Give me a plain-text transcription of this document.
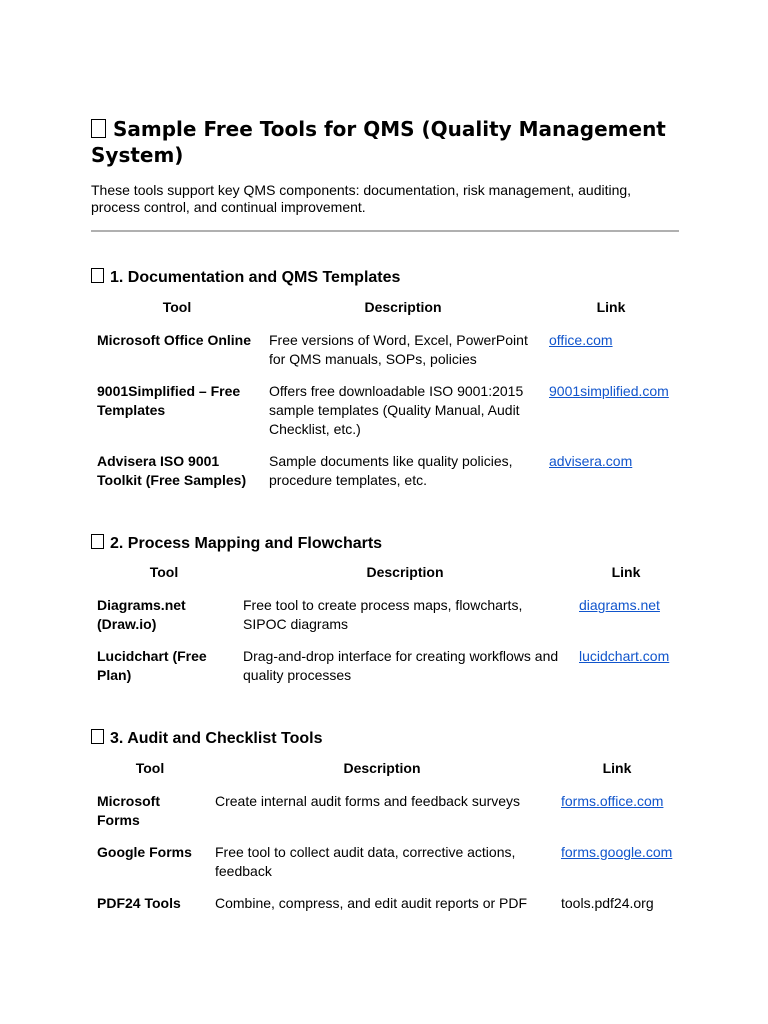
Sample Free Tools for QMS (Quality Management System)

These tools support key QMS components: documentation, risk management, auditing, process control, and continual improvement.

1. Documentation and QMS Templates
Tool	Description	Link

Microsoft Office Online	Free versions of Word, Excel, PowerPoint for QMS manuals, SOPs, policies	office.com

9001Simplified – Free Templates	Offers free downloadable ISO 9001:2015 sample templates (Quality Manual, Audit Checklist, etc.)	9001simplified.com

Advisera ISO 9001 Toolkit (Free Samples)	Sample documents like quality policies, procedure templates, etc.	advisera.com
2. Process Mapping and Flowcharts
Tool	Description	Link

Diagrams.net (Draw.io)	Free tool to create process maps, flowcharts, SIPOC diagrams	diagrams.net

Lucidchart (Free Plan)	Drag-and-drop interface for creating workflows and quality processes	lucidchart.com
3. Audit and Checklist Tools
Tool	Description	Link

Microsoft Forms	Create internal audit forms and feedback surveys	forms.office.com

Google Forms	Free tool to collect audit data, corrective actions, feedback	forms.google.com

PDF24 Tools	Combine, compress, and edit audit reports or PDF	tools.pdf24.org
